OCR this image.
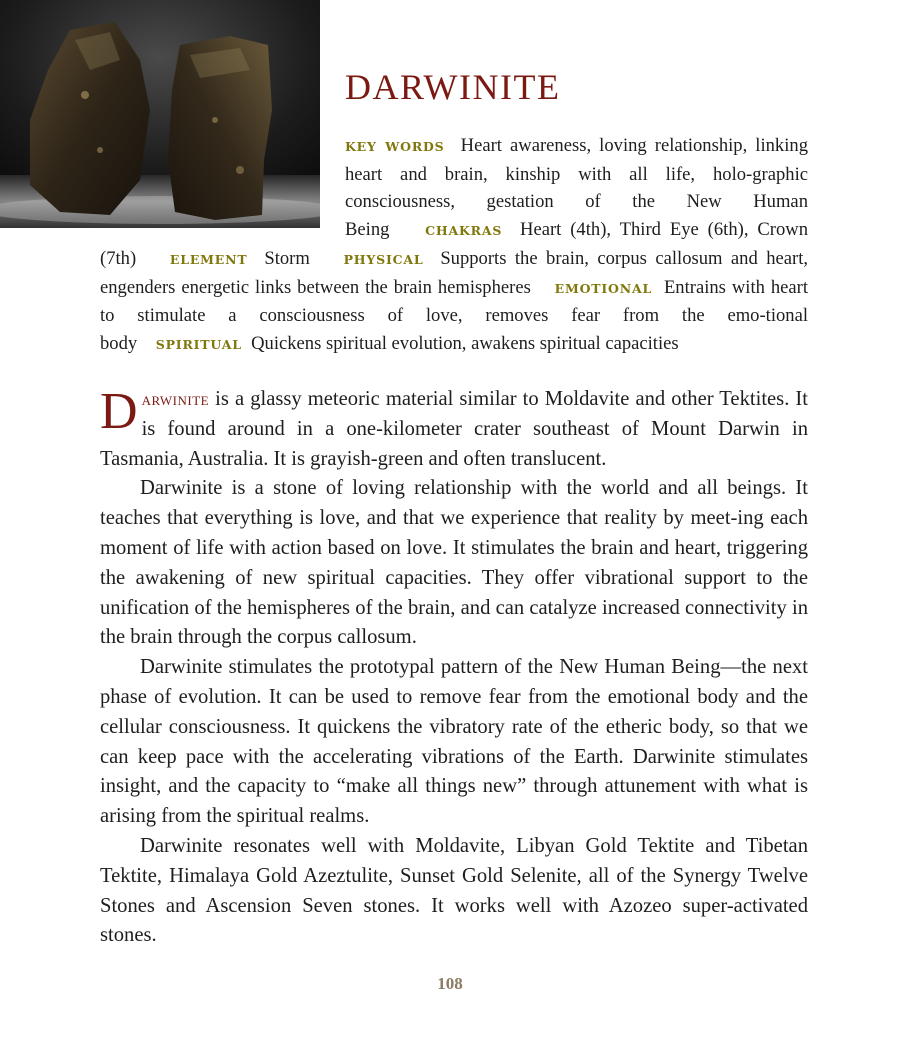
DARWINITE

KEY WORDS Heart awareness, loving relationship, linking heart and brain, kinship with all life, holo-graphic consciousness, gestation of the New Human Being	CHAKRAS Heart (4th), Third Eye (6th), Crown (7th)	ELEMENT Storm	PHYSICAL Supports the brain, corpus callosum and heart, engenders energetic links between the brain hemispheres EMOTIONAL Entrains with heart to stimulate a consciousness of love, removes fear from the emo-tional body SPIRITUAL Quickens spiritual evolution, awakens spiritual capacities

Darwinite is a glassy meteoric material similar to Moldavite and other Tektites. It is found around in a one-kilometer crater southeast of Mount Darwin in Tasmania, Australia. It is grayish-green and often translucent.

Darwinite is a stone of loving relationship with the world and all beings. It teaches that everything is love, and that we experience that reality by meet-ing each moment of life with action based on love. It stimulates the brain and heart, triggering the awakening of new spiritual capacities. They offer vibrational support to the unification of the hemispheres of the brain, and can catalyze increased connectivity in the brain through the corpus callosum.

Darwinite stimulates the prototypal pattern of the New Human Being—the next phase of evolution. It can be used to remove fear from the emotional body and the cellular consciousness. It quickens the vibratory rate of the etheric body, so that we can keep pace with the accelerating vibrations of the Earth. Darwinite stimulates insight, and the capacity to “make all things new” through attunement with what is arising from the spiritual realms.

Darwinite resonates well with Moldavite, Libyan Gold Tektite and Tibetan Tektite, Himalaya Gold Azeztulite, Sunset Gold Selenite, all of the Synergy Twelve Stones and Ascension Seven stones. It works well with Azozeo super-activated stones.

108
